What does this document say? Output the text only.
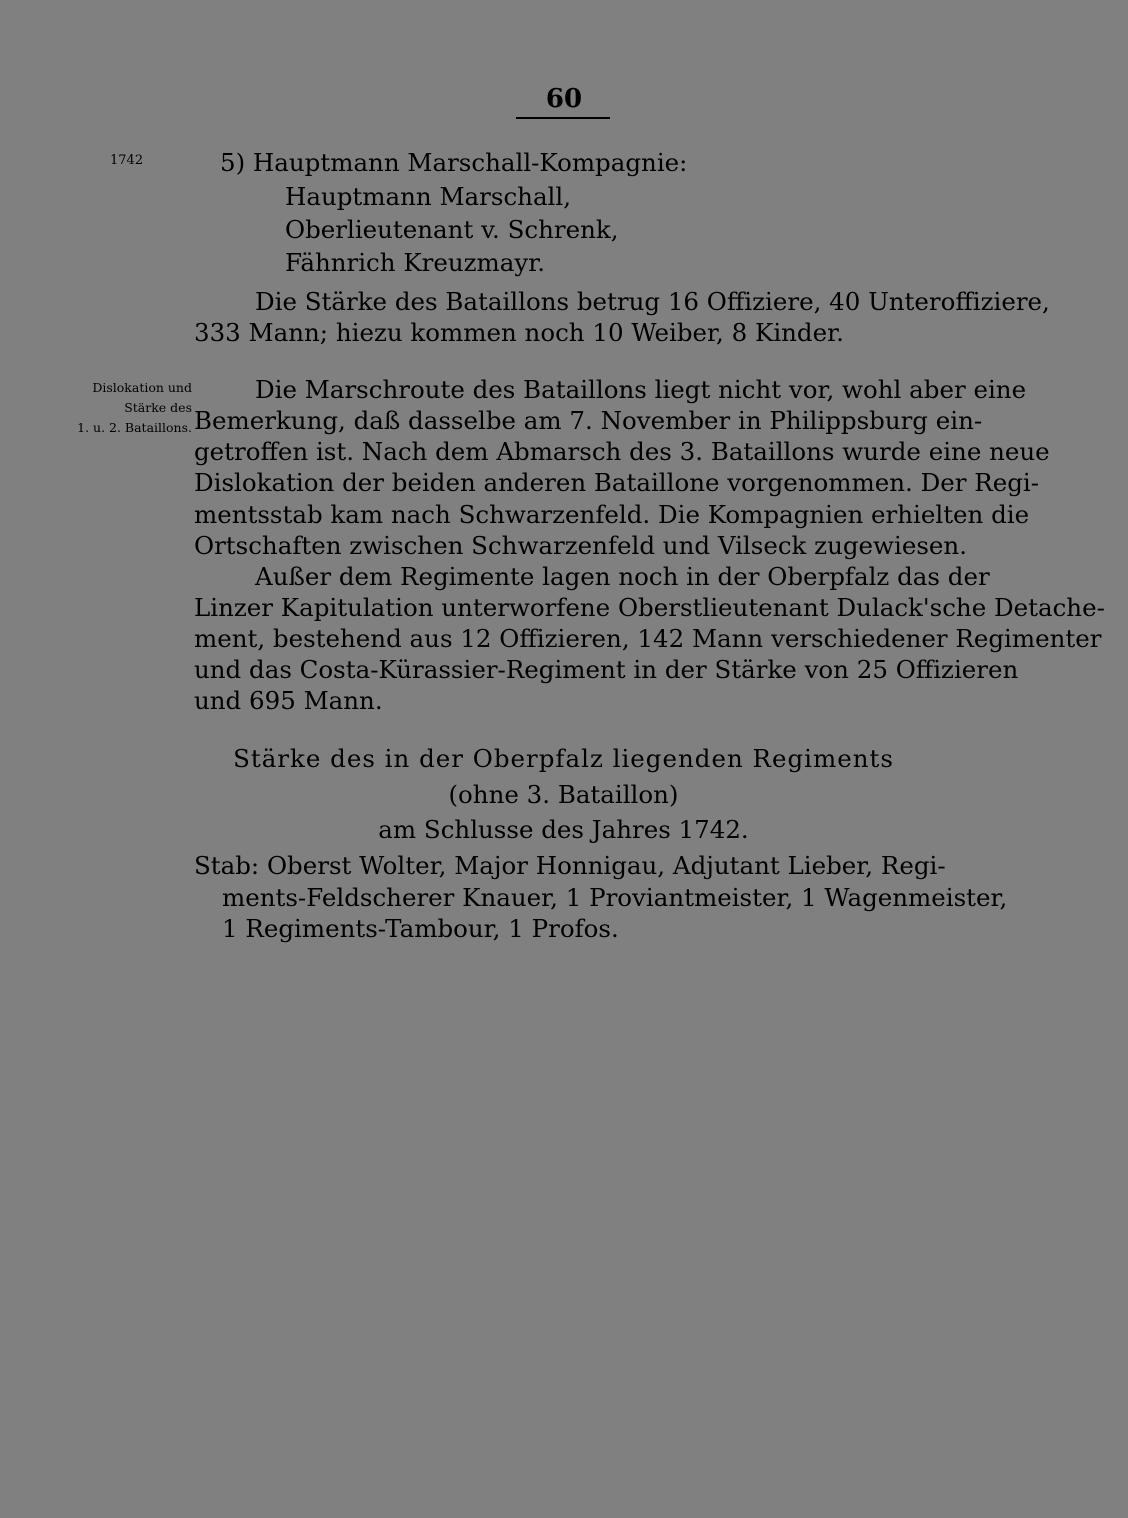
60
1742
Dislokation und
Stärke des
1. u. 2. Bataillons.
5) Hauptmann Marschall-Kompagnie:
Hauptmann Marschall,
Oberlieutenant v. Schrenk,
Fähnrich Kreuzmayr.
Die Stärke des Bataillons betrug 16 Offiziere, 40 Unteroffiziere,
333 Mann; hiezu kommen noch 10 Weiber, 8 Kinder.
Die Marschroute des Bataillons liegt nicht vor, wohl aber eine
Bemerkung, daß dasselbe am 7. November in Philippsburg ein-
getroffen ist. Nach dem Abmarsch des 3. Bataillons wurde eine neue
Dislokation der beiden anderen Bataillone vorgenommen. Der Regi-
mentsstab kam nach Schwarzenfeld. Die Kompagnien erhielten die
Ortschaften zwischen Schwarzenfeld und Vilseck zugewiesen.
Außer dem Regimente lagen noch in der Oberpfalz das der
Linzer Kapitulation unterworfene Oberstlieutenant Dulack'sche Detache-
ment, bestehend aus 12 Offizieren, 142 Mann verschiedener Regimenter
und das Costa-Kürassier-Regiment in der Stärke von 25 Offizieren
und 695 Mann.
Stärke des in der Oberpfalz liegenden Regiments
(ohne 3. Bataillon)
am Schlusse des Jahres 1742.
Stab: Oberst Wolter, Major Honnigau, Adjutant Lieber, Regi-
ments-Feldscherer Knauer, 1 Proviantmeister, 1 Wagenmeister,
1 Regiments-Tambour, 1 Profos.
